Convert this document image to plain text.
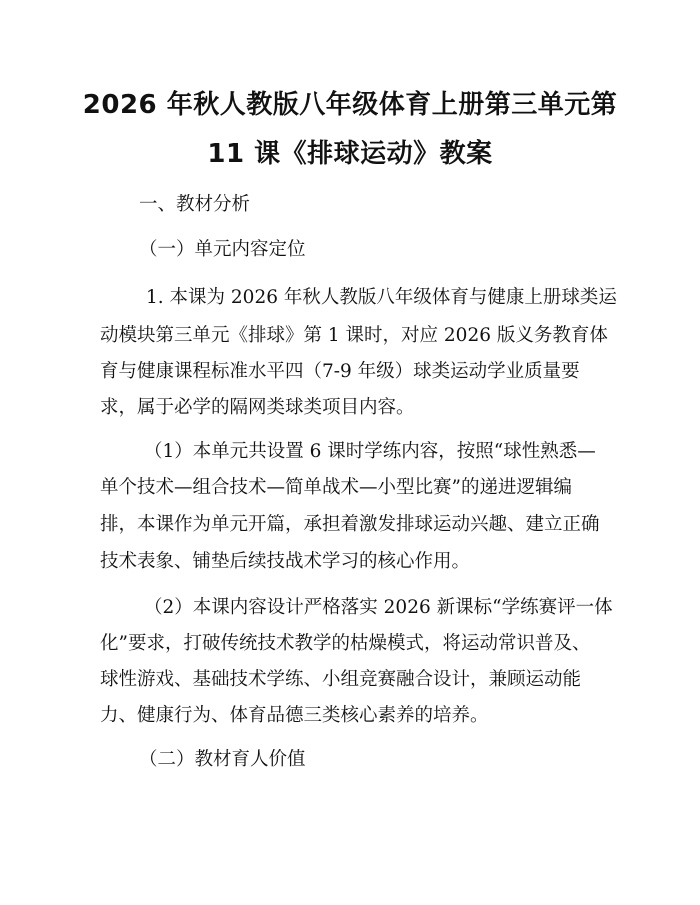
2026 年秋人教版八年级体育上册第三单元第
11 课《排球运动》教案
一、教材分析
（一）单元内容定位
1. 本课为 2026 年秋人教版八年级体育与健康上册球类运
动模块第三单元《排球》第 1 课时，对应 2026 版义务教育体
育与健康课程标准水平四（7-9 年级）球类运动学业质量要
求，属于必学的隔网类球类项目内容。
（1）本单元共设置 6 课时学练内容，按照“球性熟悉—
单个技术—组合技术—简单战术—小型比赛”的递进逻辑编
排，本课作为单元开篇，承担着激发排球运动兴趣、建立正确
技术表象、铺垫后续技战术学习的核心作用。
（2）本课内容设计严格落实 2026 新课标“学练赛评一体
化”要求，打破传统技术教学的枯燥模式，将运动常识普及、
球性游戏、基础技术学练、小组竞赛融合设计，兼顾运动能
力、健康行为、体育品德三类核心素养的培养。
（二）教材育人价值
